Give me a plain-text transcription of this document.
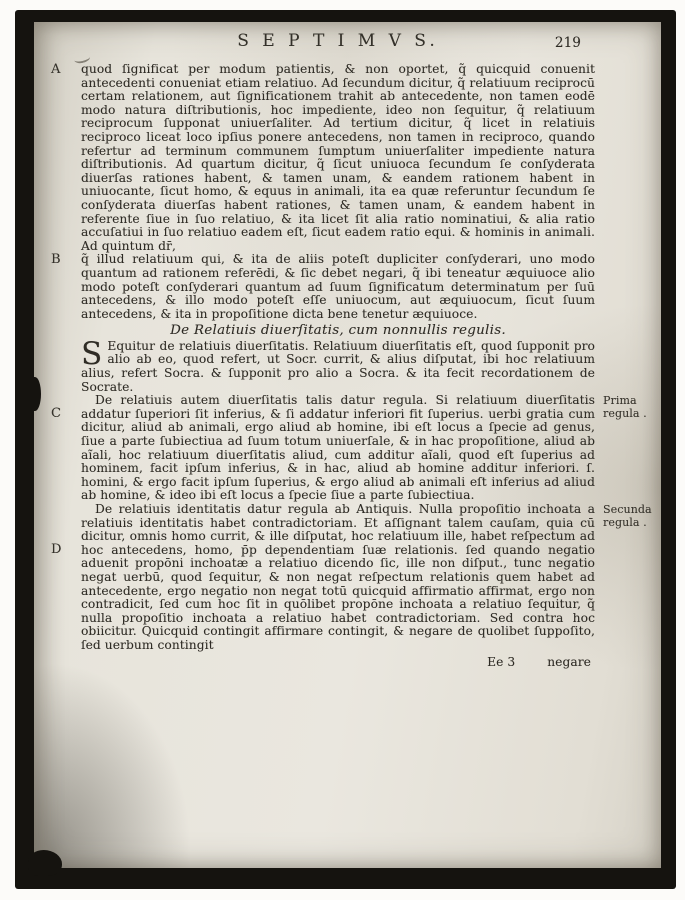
S E P T I M V S.	219
A quod ſignificat per modum patientis, & non oportet, q̃ quicquid conuenit antecedenti conueniat etiam relatiuo. Ad ſecundum dicitur, q̃ relatiuum reciprocū certam relationem, aut ſignificationem trahit ab antecedente, non tamen eodē modo natura diſtributionis, hoc impediente, ideo non ſequitur, q̃ relatiuum reciprocum ſupponat uniuerſaliter. Ad tertium dicitur, q̃ licet in relatiuis reciproco liceat loco ipſius ponere antecedens, non tamen in reciproco, quando refertur ad terminum communem ſumptum uniuerſaliter impediente natura diſtributionis. Ad quartum dicitur, q̃ ſicut uniuoca ſecundum ſe conſyderata diuerſas rationes habent, & tamen unam, & eandem rationem habent in uniuocante, ſicut homo, & equus in animali, ita ea quæ referuntur ſecundum ſe conſyderata diuerſas habent rationes, & tamen unam, & eandem habent in referente ſiue in ſuo relatiuo, & ita licet ſit alia ratio nominatiui, & alia ratio accuſatiui in ſuo relatiuo eadem eſt, ſicut eadem ratio equi. & hominis in animali. Ad quintum dr̄,
B q̃ illud relatiuum qui, & ita de aliis poteſt dupliciter conſyderari, uno modo quantum ad rationem referēdi, & ſic debet negari, q̃ ibi teneatur æquiuoce alio modo poteſt conſyderari quantum ad ſuum ſignificatum determinatum per ſuū antecedens, & illo modo poteſt eſſe uniuocum, aut æquiuocum, ſicut ſuum antecedens, & ita in propoſitione dicta bene tenetur æquiuoce.
De Relatiuis diuerſitatis, cum nonnullis regulis.
S Equitur de relatiuis diuerſitatis. Relatiuum diuerſitatis eſt, quod ſupponit pro alio ab eo, quod refert, ut Socr. currit, & alius diſputat, ibi hoc relatiuum alius, refert Socra. & ſupponit pro alio a Socra. & ita fecit recordationem de Socrate.
C
Prima regula .
De relatiuis autem diuerſitatis talis datur regula. Si relatiuum diuerſitatis addatur ſuperiori ſit inferius, & ſi addatur inferiori fit ſuperius. uerbi gratia cum dicitur, aliud ab animali, ergo aliud ab homine, ibi eſt locus a ſpecie ad genus, ſiue a parte ſubiectiua ad ſuum totum uniuerſale, & in hac propoſitione, aliud ab aĩali, hoc relatiuum diuerſitatis aliud, cum additur aĩali, quod eſt ſuperius ad hominem, facit ipſum inferius, & in hac, aliud ab homine additur inferiori. ſ. homini, & ergo facit ipſum ſuperius, & ergo aliud ab animali eſt inferius ad aliud ab homine, & ideo ibi eſt locus a ſpecie ſiue a parte ſubiectiua.
D
Secunda regula .
De relatiuis identitatis datur regula ab Antiquis. Nulla propoſitio inchoata a relatiuis identitatis habet contradictoriam. Et aſſignant talem cauſam, quia cū dicitur, omnis homo currit, & ille diſputat, hoc relatiuum ille, habet reſpectum ad hoc antecedens, homo, p̄p dependentiam ſuæ relationis. ſed quando negatio aduenit propōni inchoatæ a relatiuo dicendo ſic, ille non diſput., tunc negatio negat uerbū, quod ſequitur, & non negat reſpectum relationis quem habet ad antecedente, ergo negatio non negat totū quicquid affirmatio affirmat, ergo non contradicit, ſed cum hoc ſit in quōlibet propōne inchoata a relatiuo ſequitur, q̃ nulla propoſitio inchoata a relatiuo habet contradictoriam. Sed contra hoc obiicitur. Quicquid contingit affirmare contingit, & negare de quolibet ſuppoſito, ſed uerbum contingit
Ee 3	negare
